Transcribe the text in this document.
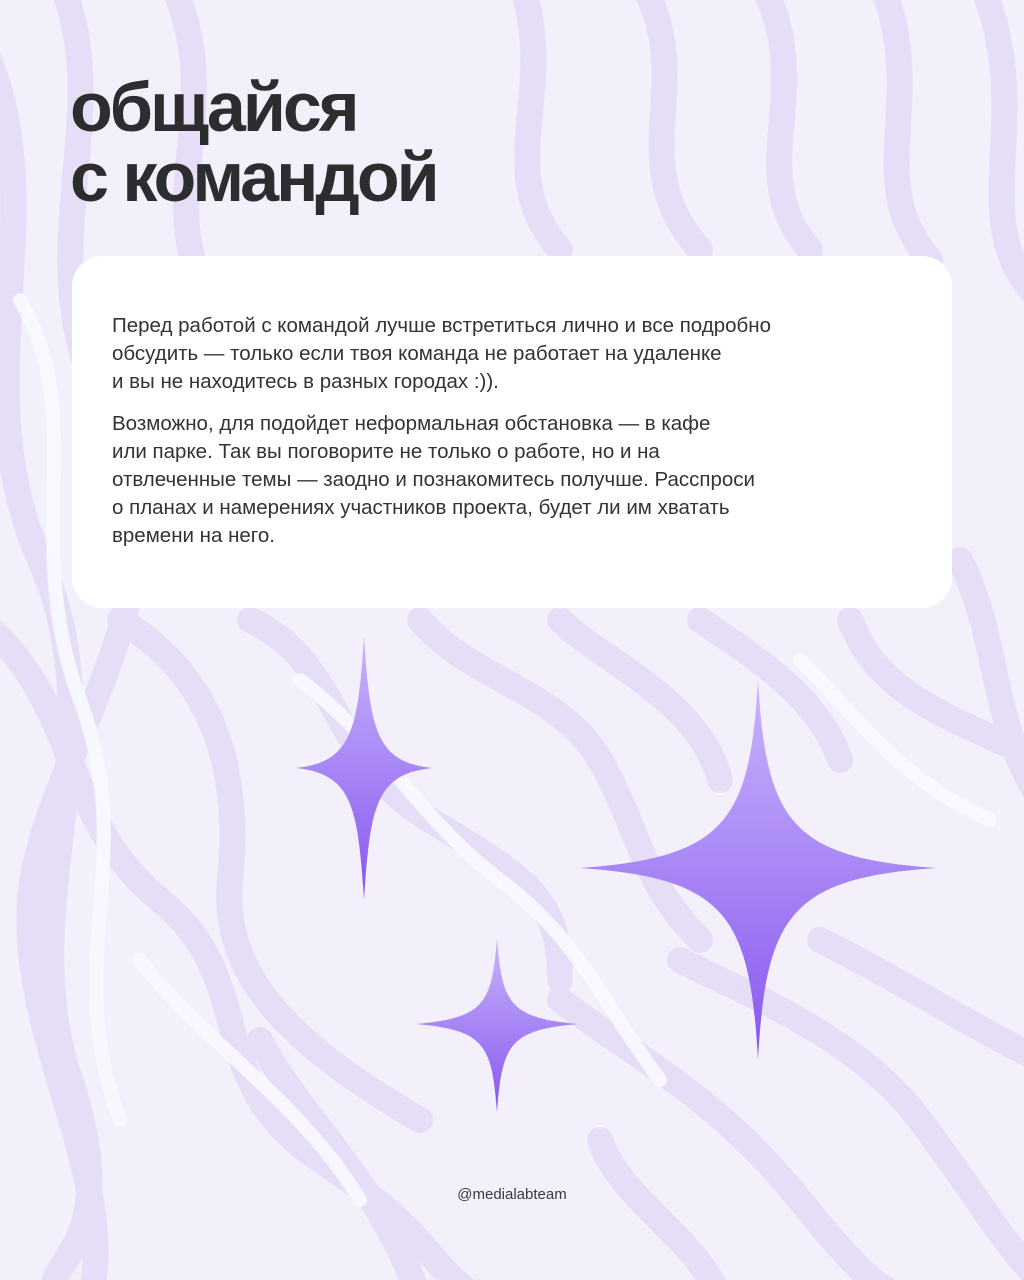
общайся
с командой

Перед работой с командой лучше встретиться лично и все подробно
обсудить — только если твоя команда не работает на удаленке
и вы не находитесь в разных городах :)).

Возможно, для подойдет неформальная обстановка — в кафе
или парке. Так вы поговорите не только о работе, но и на
отвлеченные темы — заодно и познакомитесь получше. Расспроси
о планах и намерениях участников проекта, будет ли им хватать
времени на него.

@medialabteam
